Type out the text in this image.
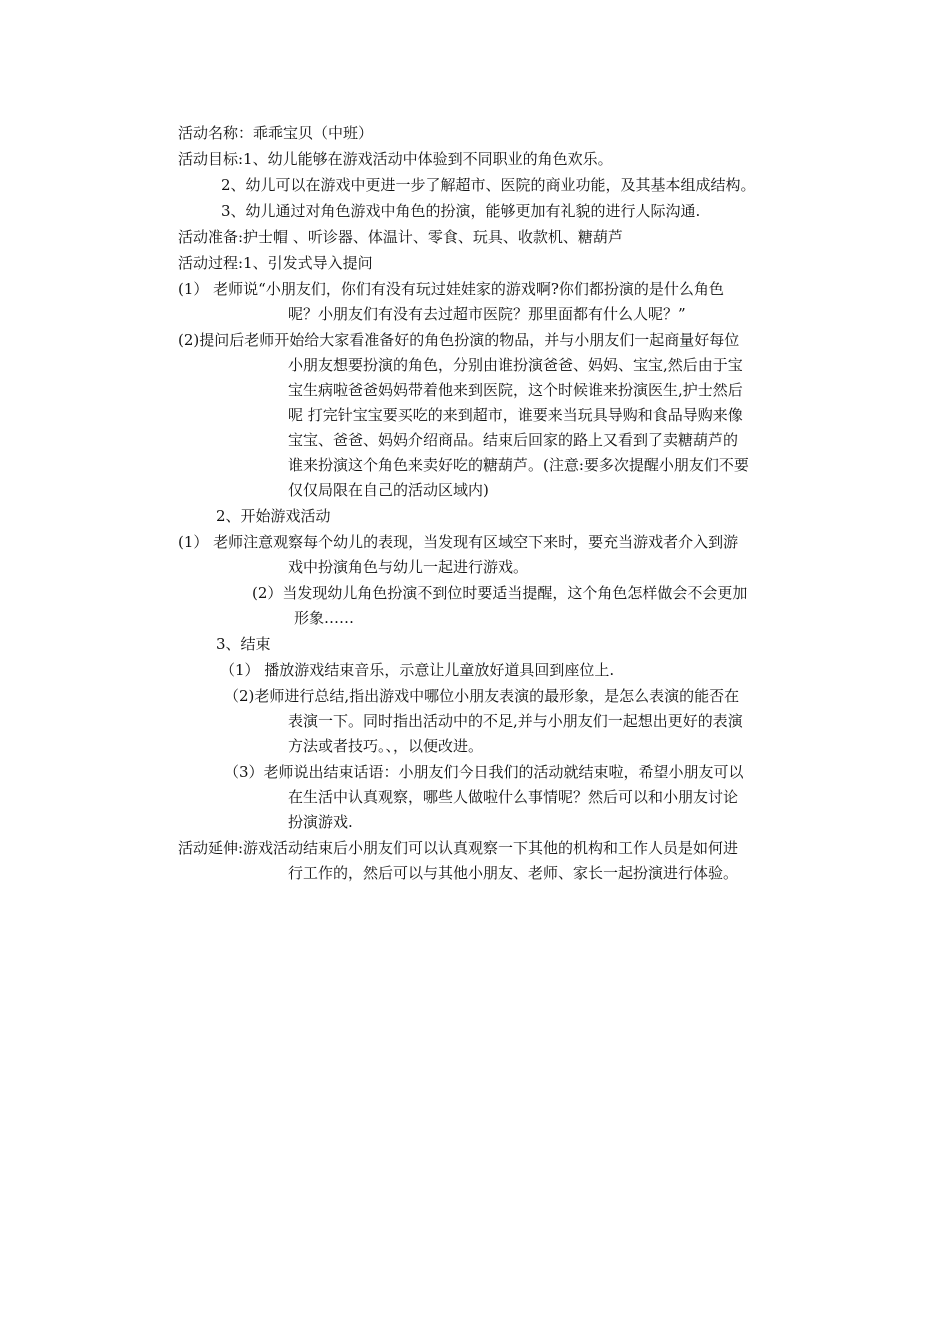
活动名称：乖乖宝贝（中班）

活动目标:1、幼儿能够在游戏活动中体验到不同职业的角色欢乐。

2、幼儿可以在游戏中更进一步了解超市、医院的商业功能，及其基本组成结构。

3、幼儿通过对角色游戏中角色的扮演，能够更加有礼貌的进行人际沟通.

活动准备:护士帽 、听诊器、体温计、零食、玩具、收款机、糖葫芦

活动过程:1、引发式导入提问

(1） 老师说“小朋友们，你们有没有玩过娃娃家的游戏啊?你们都扮演的是什么角色

呢？小朋友们有没有去过超市医院？那里面都有什么人呢？”

(2)提问后老师开始给大家看准备好的角色扮演的物品，并与小朋友们一起商量好每位

小朋友想要扮演的角色，分别由谁扮演爸爸、妈妈、宝宝,然后由于宝

宝生病啦爸爸妈妈带着他来到医院，这个时候谁来扮演医生,护士然后

呢 打完针宝宝要买吃的来到超市，谁要来当玩具导购和食品导购来像

宝宝、爸爸、妈妈介绍商品。结束后回家的路上又看到了卖糖葫芦的

谁来扮演这个角色来卖好吃的糖葫芦。(注意:要多次提醒小朋友们不要

仅仅局限在自己的活动区域内)

2、开始游戏活动

(1） 老师注意观察每个幼儿的表现，当发现有区域空下来时，要充当游戏者介入到游

戏中扮演角色与幼儿一起进行游戏。

(2）当发现幼儿角色扮演不到位时要适当提醒，这个角色怎样做会不会更加

形象……

3、结束

（1） 播放游戏结束音乐，示意让儿童放好道具回到座位上.

（2)老师进行总结,指出游戏中哪位小朋友表演的最形象，是怎么表演的能否在

表演一下。同时指出活动中的不足,并与小朋友们一起想出更好的表演

方法或者技巧。、，以便改进。

（3）老师说出结束话语：小朋友们今日我们的活动就结束啦，希望小朋友可以

在生活中认真观察，哪些人做啦什么事情呢？然后可以和小朋友讨论

扮演游戏.

活动延伸:游戏活动结束后小朋友们可以认真观察一下其他的机构和工作人员是如何进

行工作的，然后可以与其他小朋友、老师、家长一起扮演进行体验。
